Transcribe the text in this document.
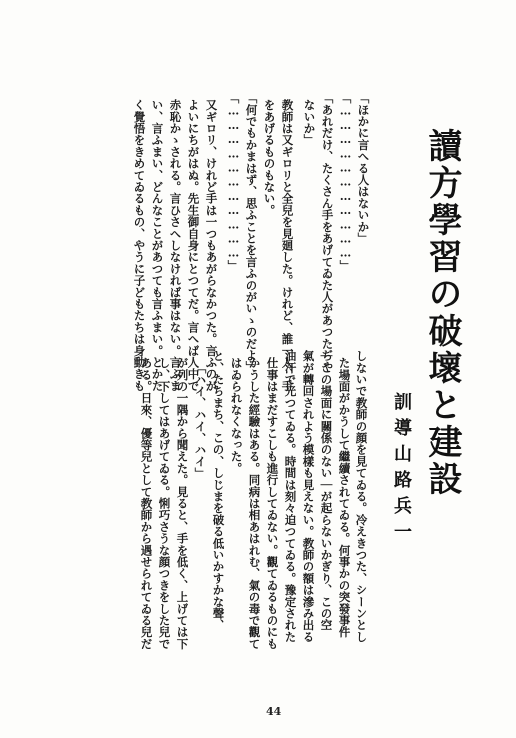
讀方學習の破壞と建設
訓導山路兵一
しないで教師の顔を見てゐる。冷えきつた、シーンとし
た場面がかうして繼續されてゐる。何事かの突發事件
｜この場面に關係のない｜が起らないかぎり、この空
氣が轉回されよう模樣も見えない。教師の額は滲み出る
油汗で光つてゐる。時間は刻々迫つてゐる。豫定された
仕事はまだすこしも進行してゐない。觀てゐるものにも
かうした經驗はある。同病は相あはれむ、氣の毒で觀て
はゐられなくなった。
と、たちまち、この、しじまを破る低いかすかな聲、
「ハイ、ハイ、ハイ」
が列の一隅から聞えた。見ると、手を低く、上げては下
し、下してはあげてゐる。悧巧さうな顔つきをした兒で
ある。日來、優等兒として教師から遇せられてゐる兒だ
「ほかに言へる人はないか」
「……………………………」
「あれだけ、たくさん手をあげてゐた人があつたぢや
ないか」
教師は又ギロリと全兒を見廻した。けれど、誰一人、手
をあげるものもない。
「何でもかまはず、思ふことを言ふのがいゝのだよ」
「……………………………」
又ギロリ、けれど手は一つもあがらなかつた。言ふのが
よいにちがはぬ。先生御自身にとつてだ。言へば人中で
赤恥かゝされる。言ひさへしなければ事はない。言ふま
い、言ふまい、どんなことがあつても言ふまい。とかた
く覺悟をきめてゐるもの、やうに子どもたちは身動きも
44
